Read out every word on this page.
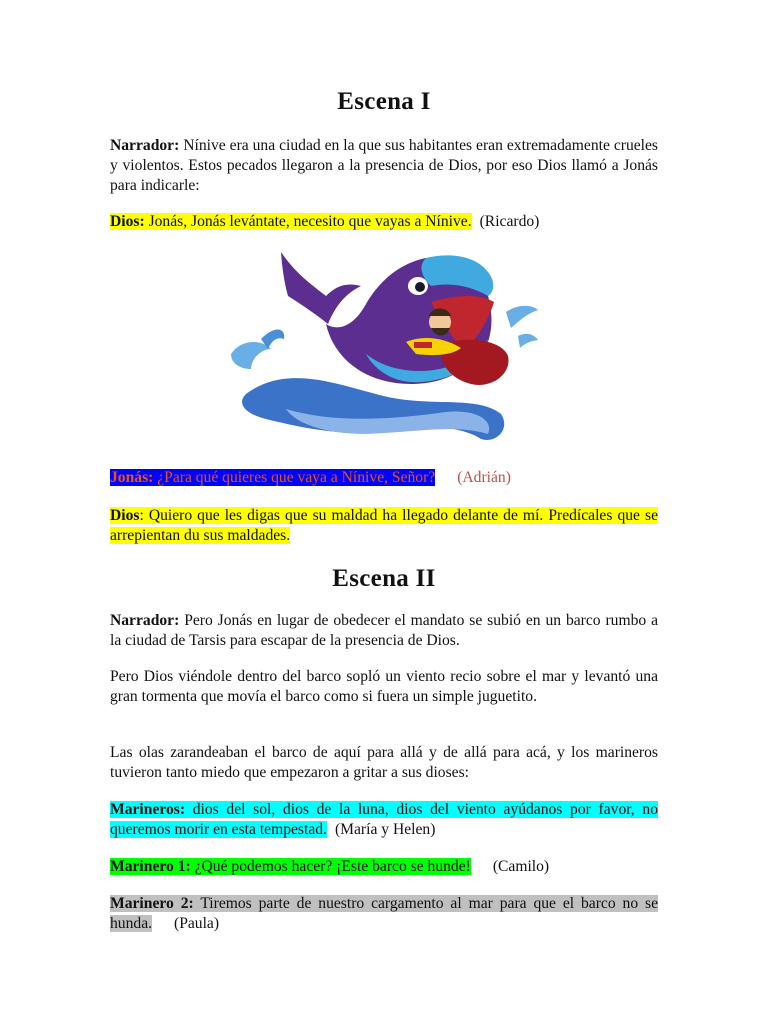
Escena I

Narrador: Nínive era una ciudad en la que sus habitantes eran extremadamente crueles y violentos. Estos pecados llegaron a la presencia de Dios, por eso Dios llamó a Jonás para indicarle:

Dios: Jonás, Jonás levántate, necesito que vayas a Nínive. (Ricardo)

Jonás: ¿Para qué quieres que vaya a Nínive, Señor? (Adrián)

Dios: Quiero que les digas que su maldad ha llegado delante de mí. Predícales que se arrepientan du sus maldades.

Escena II

Narrador: Pero Jonás en lugar de obedecer el mandato se subió en un barco rumbo a la ciudad de Tarsis para escapar de la presencia de Dios.

Pero Dios viéndole dentro del barco sopló un viento recio sobre el mar y levantó una gran tormenta que movía el barco como si fuera un simple juguetito.

Las olas zarandeaban el barco de aquí para allá y de allá para acá, y los marineros tuvieron tanto miedo que empezaron a gritar a sus dioses:

Marineros: dios del sol, dios de la luna, dios del viento ayúdanos por favor, no queremos morir en esta tempestad. (María y Helen)

Marinero 1: ¿Qué podemos hacer? ¡Este barco se hunde! (Camilo)

Marinero 2: Tiremos parte de nuestro cargamento al mar para que el barco no se hunda. (Paula)
